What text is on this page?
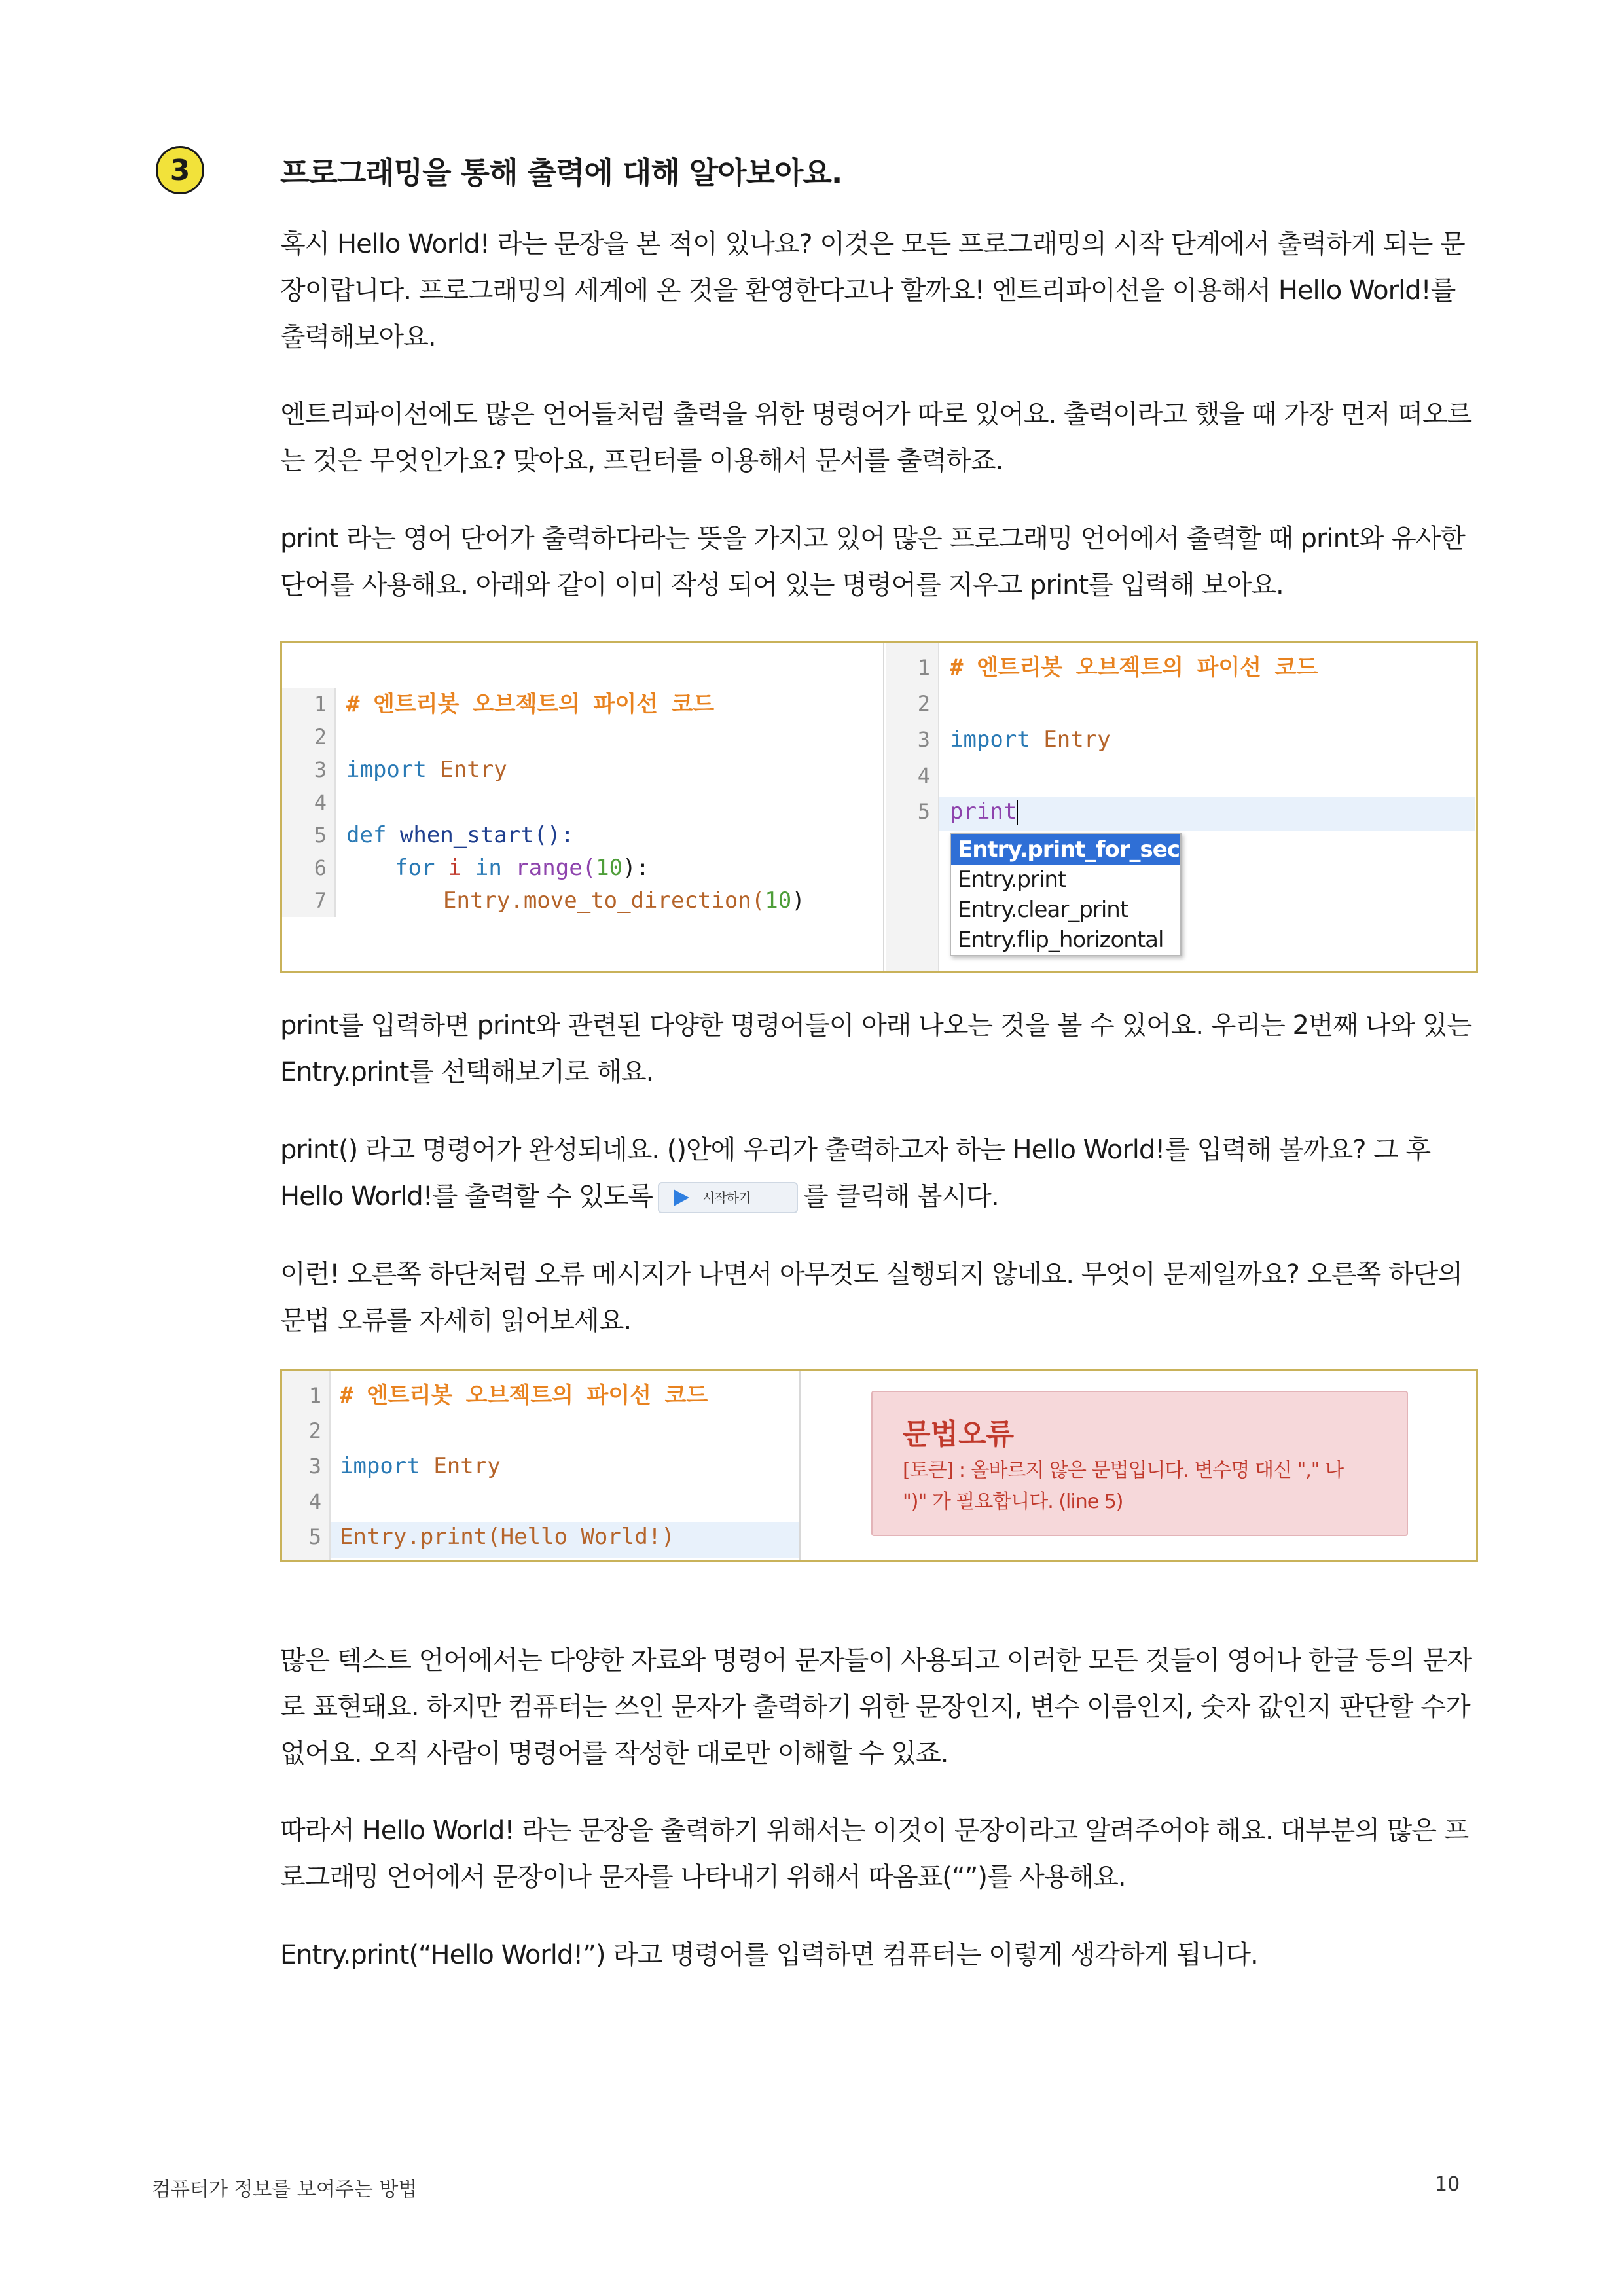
3	프로그래밍을 통해 출력에 대해 알아보아요.
혹시 Hello World! 라는 문장을 본 적이 있나요? 이것은 모든 프로그래밍의 시작 단계에서 출력하게 되는 문
장이랍니다. 프로그래밍의 세계에 온 것을 환영한다고나 할까요! 엔트리파이선을 이용해서 Hello World!를
출력해보아요.
엔트리파이선에도 많은 언어들처럼 출력을 위한 명령어가 따로 있어요. 출력이라고 했을 때 가장 먼저 떠오르
는 것은 무엇인가요? 맞아요, 프린터를 이용해서 문서를 출력하죠.
print 라는 영어 단어가 출력하다라는 뜻을 가지고 있어 많은 프로그래밍 언어에서 출력할 때 print와 유사한
단어를 사용해요. 아래와 같이 이미 작성 되어 있는 명령어를 지우고 print를 입력해 보아요.
1
2
3
4
5
6
7
# 엔트리봇 오브젝트의 파이선 코드
import Entry
def when_start():
for i in range(10):
Entry.move_to_direction(10)
1
2
3
4
5
# 엔트리봇 오브젝트의 파이선 코드
import Entry
print
Entry.print_for_sec
Entry.print
Entry.clear_print
Entry.flip_horizontal
print를 입력하면 print와 관련된 다양한 명령어들이 아래 나오는 것을 볼 수 있어요. 우리는 2번째 나와 있는
Entry.print를 선택해보기로 해요.
print() 라고 명령어가 완성되네요. ()안에 우리가 출력하고자 하는 Hello World!를 입력해 볼까요? 그 후
Hello World!를 출력할 수 있도록	시작하기 를 클릭해 봅시다.
이런! 오른쪽 하단처럼 오류 메시지가 나면서 아무것도 실행되지 않네요. 무엇이 문제일까요? 오른쪽 하단의
문법 오류를 자세히 읽어보세요.
1
2
3
4
5
# 엔트리봇 오브젝트의 파이선 코드
import Entry
Entry.print(Hello World!)
문법오류
[토큰] : 올바르지 않은 문법입니다. 변수명 대신 "," 나
")" 가 필요합니다. (line 5)
많은 텍스트 언어에서는 다양한 자료와 명령어 문자들이 사용되고 이러한 모든 것들이 영어나 한글 등의 문자
로 표현돼요. 하지만 컴퓨터는 쓰인 문자가 출력하기 위한 문장인지, 변수 이름인지, 숫자 값인지 판단할 수가
없어요. 오직 사람이 명령어를 작성한 대로만 이해할 수 있죠.
따라서 Hello World! 라는 문장을 출력하기 위해서는 이것이 문장이라고 알려주어야 해요. 대부분의 많은 프
로그래밍 언어에서 문장이나 문자를 나타내기 위해서 따옴표(“”)를 사용해요.
Entry.print(“Hello World!”) 라고 명령어를 입력하면 컴퓨터는 이렇게 생각하게 됩니다.
컴퓨터가 정보를 보여주는 방법	10
